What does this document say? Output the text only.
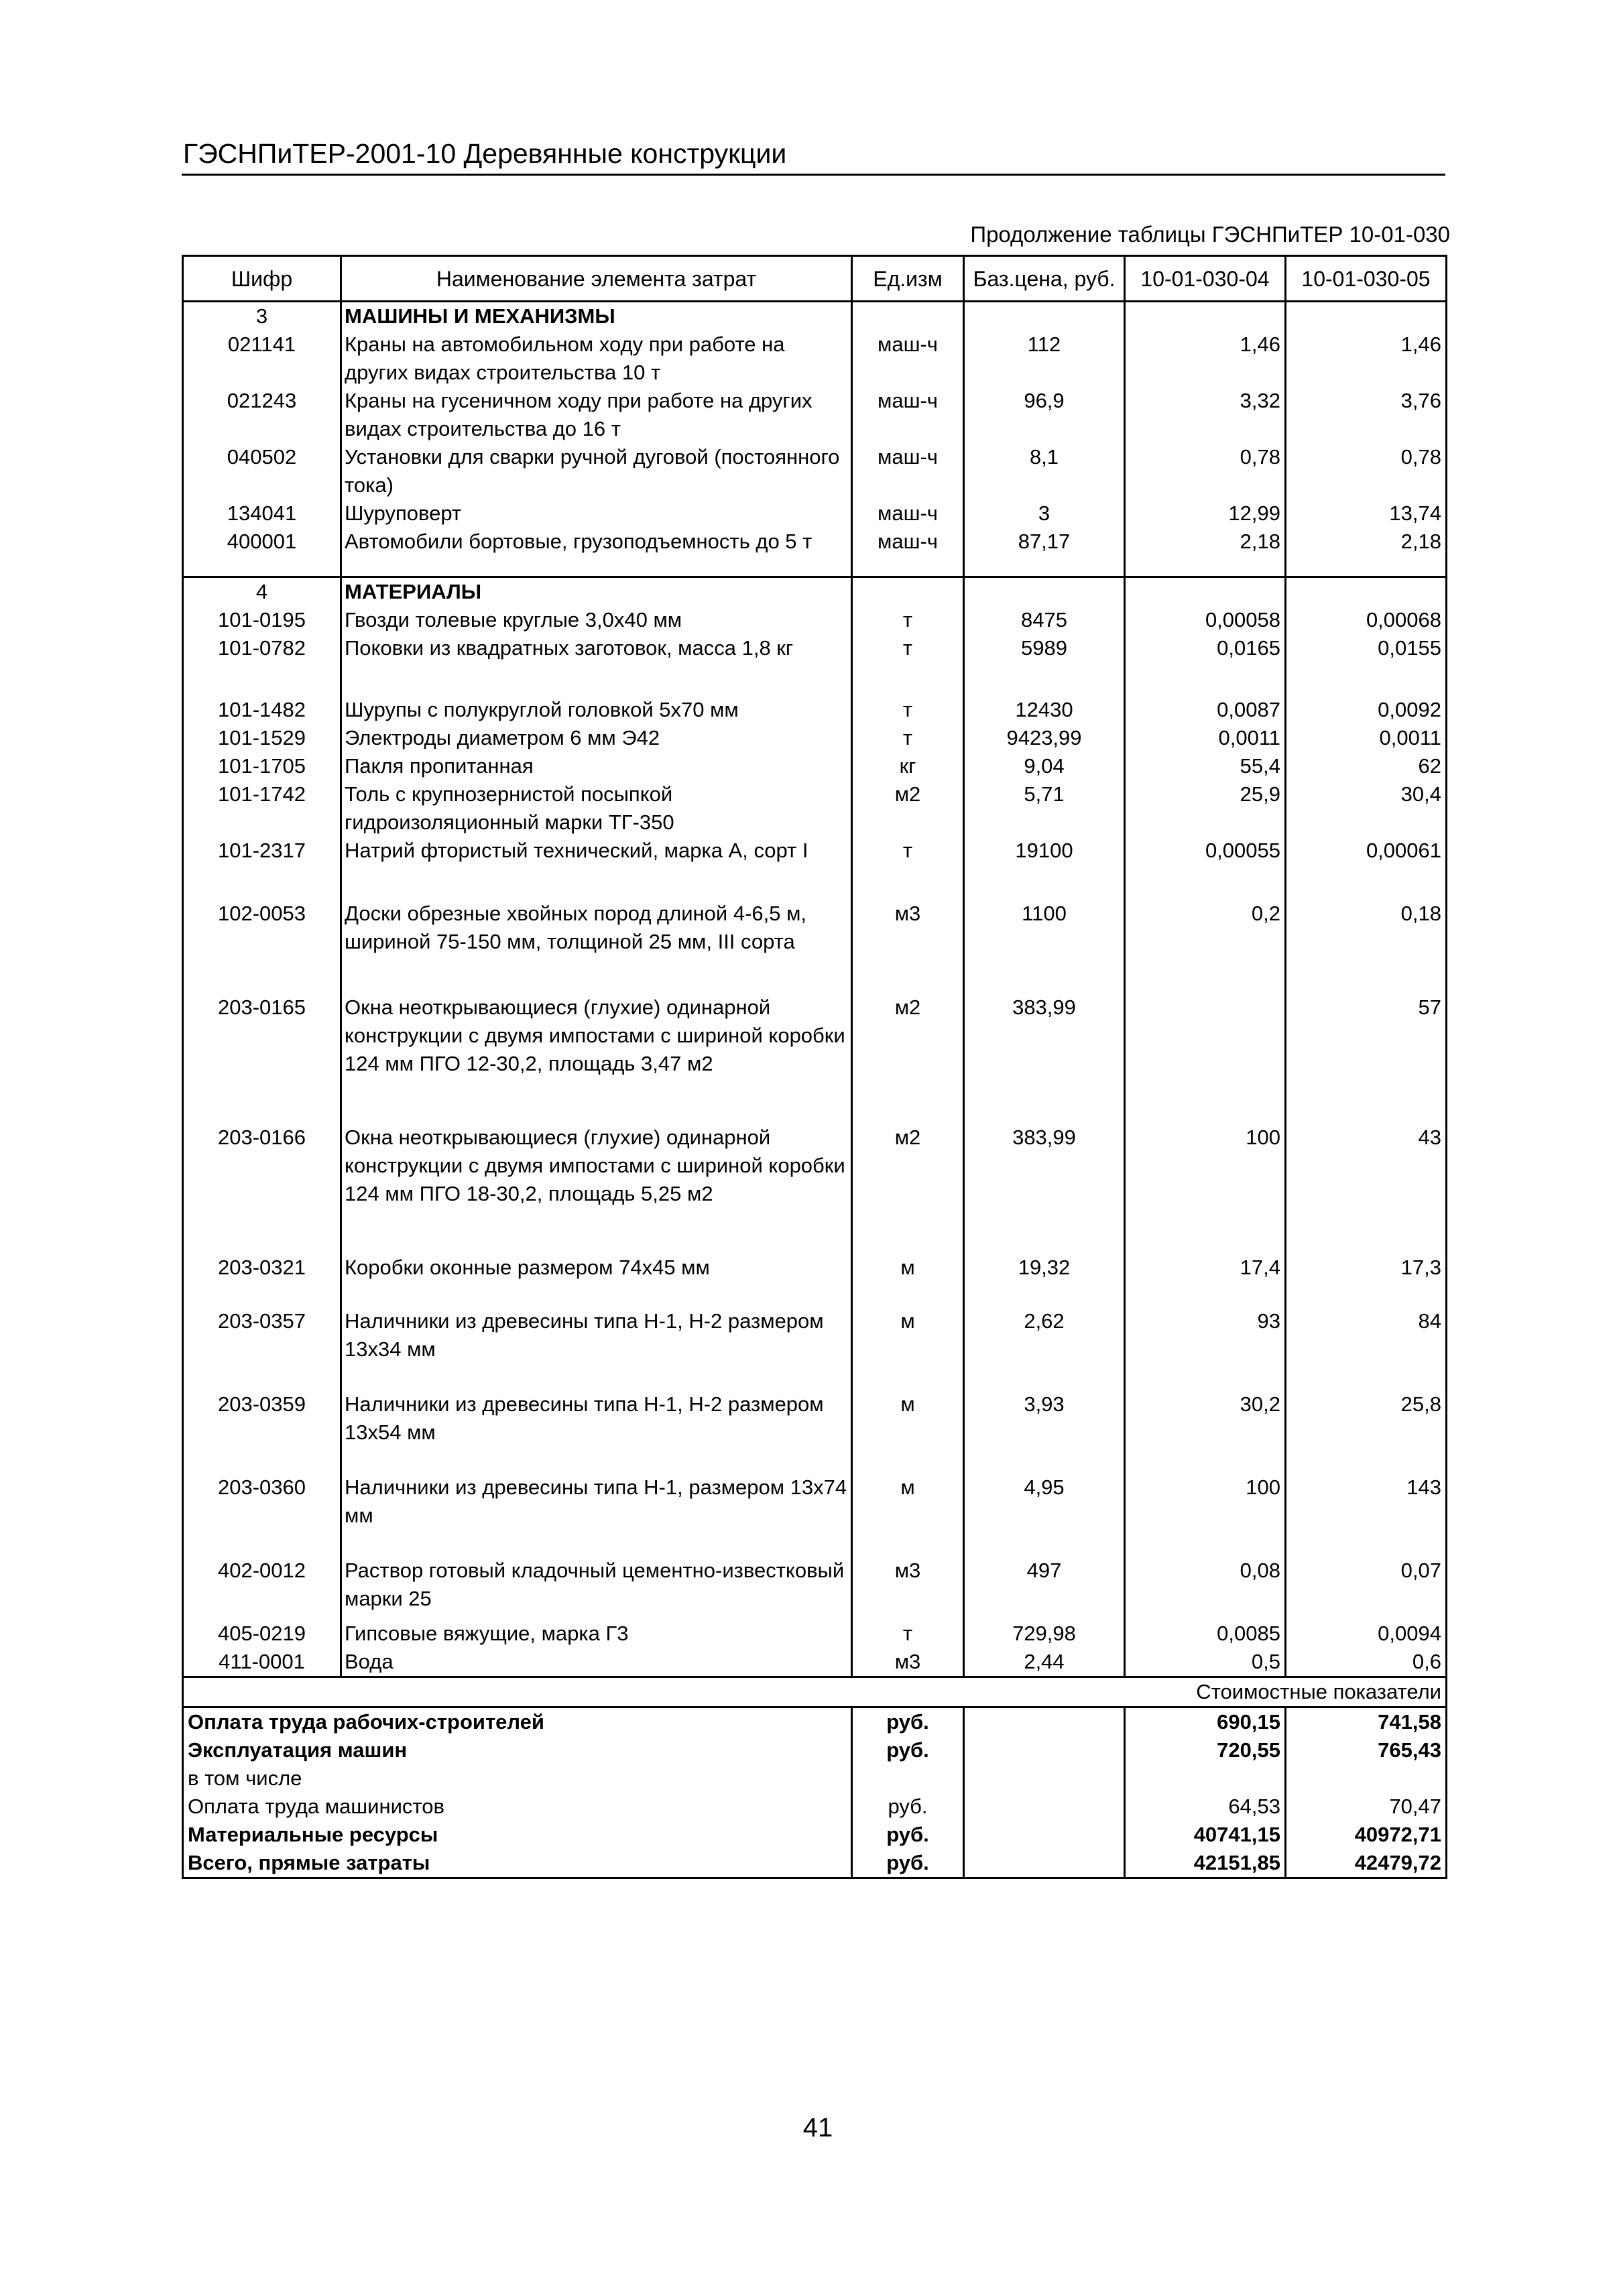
ГЭСНПиТЕР-2001-10 Деревянные конструкции
Продолжение таблицы ГЭСНПиТЕР 10-01-030
Шифр	Наименование элемента затрат	Ед.изм	Баз.цена, руб.	10-01-030-04	10-01-030-05
3	МАШИНЫ И МЕХАНИЗМЫ				
021141	Краны на автомобильном ходу при работе на других видах строительства 10 т	маш-ч	112	1,46	1,46
021243	Краны на гусеничном ходу при работе на других видах строительства до 16 т	маш-ч	96,9	3,32	3,76
040502	Установки для сварки ручной дуговой (постоянного тока)	маш-ч	8,1	0,78	0,78
134041	Шуруповерт	маш-ч	3	12,99	13,74
400001	Автомобили бортовые, грузоподъемность до 5 т	маш-ч	87,17	2,18	2,18

4	МАТЕРИАЛЫ				
101-0195	Гвозди толевые круглые 3,0х40 мм	т	8475	0,00058	0,00068
101-0782	Поковки из квадратных заготовок, масса 1,8 кг	т	5989	0,0165	0,0155

101-1482	Шурупы с полукруглой головкой 5х70 мм	т	12430	0,0087	0,0092
101-1529	Электроды диаметром 6 мм Э42	т	9423,99	0,0011	0,0011
101-1705	Пакля пропитанная	кг	9,04	55,4	62
101-1742	Толь с крупнозернистой посыпкой гидроизоляционный марки ТГ-350	м2	5,71	25,9	30,4
101-2317	Натрий фтористый технический, марка А, сорт I	т	19100	0,00055	0,00061

102-0053	Доски обрезные хвойных пород длиной 4-6,5 м, шириной 75-150 мм, толщиной 25 мм, III сорта	м3	1100	0,2	0,18

203-0165	Окна неоткрывающиеся (глухие) одинарной конструкции с двумя импостами с шириной коробки 124 мм ПГО 12-30,2, площадь 3,47 м2	м2	383,99		57

203-0166	Окна неоткрывающиеся (глухие) одинарной конструкции с двумя импостами с шириной коробки 124 мм ПГО 18-30,2, площадь 5,25 м2	м2	383,99	100	43

203-0321	Коробки оконные размером 74х45 мм	м	19,32	17,4	17,3

203-0357	Наличники из древесины типа Н-1, Н-2 размером 13х34 мм	м	2,62	93	84

203-0359	Наличники из древесины типа Н-1, Н-2 размером 13х54 мм	м	3,93	30,2	25,8

203-0360	Наличники из древесины типа Н-1, размером 13х74 мм	м	4,95	100	143

402-0012	Раствор готовый кладочный цементно-известковый марки 25	м3	497	0,08	0,07

405-0219	Гипсовые вяжущие, марка Г3	т	729,98	0,0085	0,0094
411-0001	Вода	м3	2,44	0,5	0,6
Стоимостные показатели					
Оплата труда рабочих-строителей		руб.		690,15	741,58
Эксплуатация машин		руб.		720,55	765,43
в том числе					
Оплата труда машинистов		руб.		64,53	70,47
Материальные ресурсы		руб.		40741,15	40972,71
Всего, прямые затраты		руб.		42151,85	42479,72
41
